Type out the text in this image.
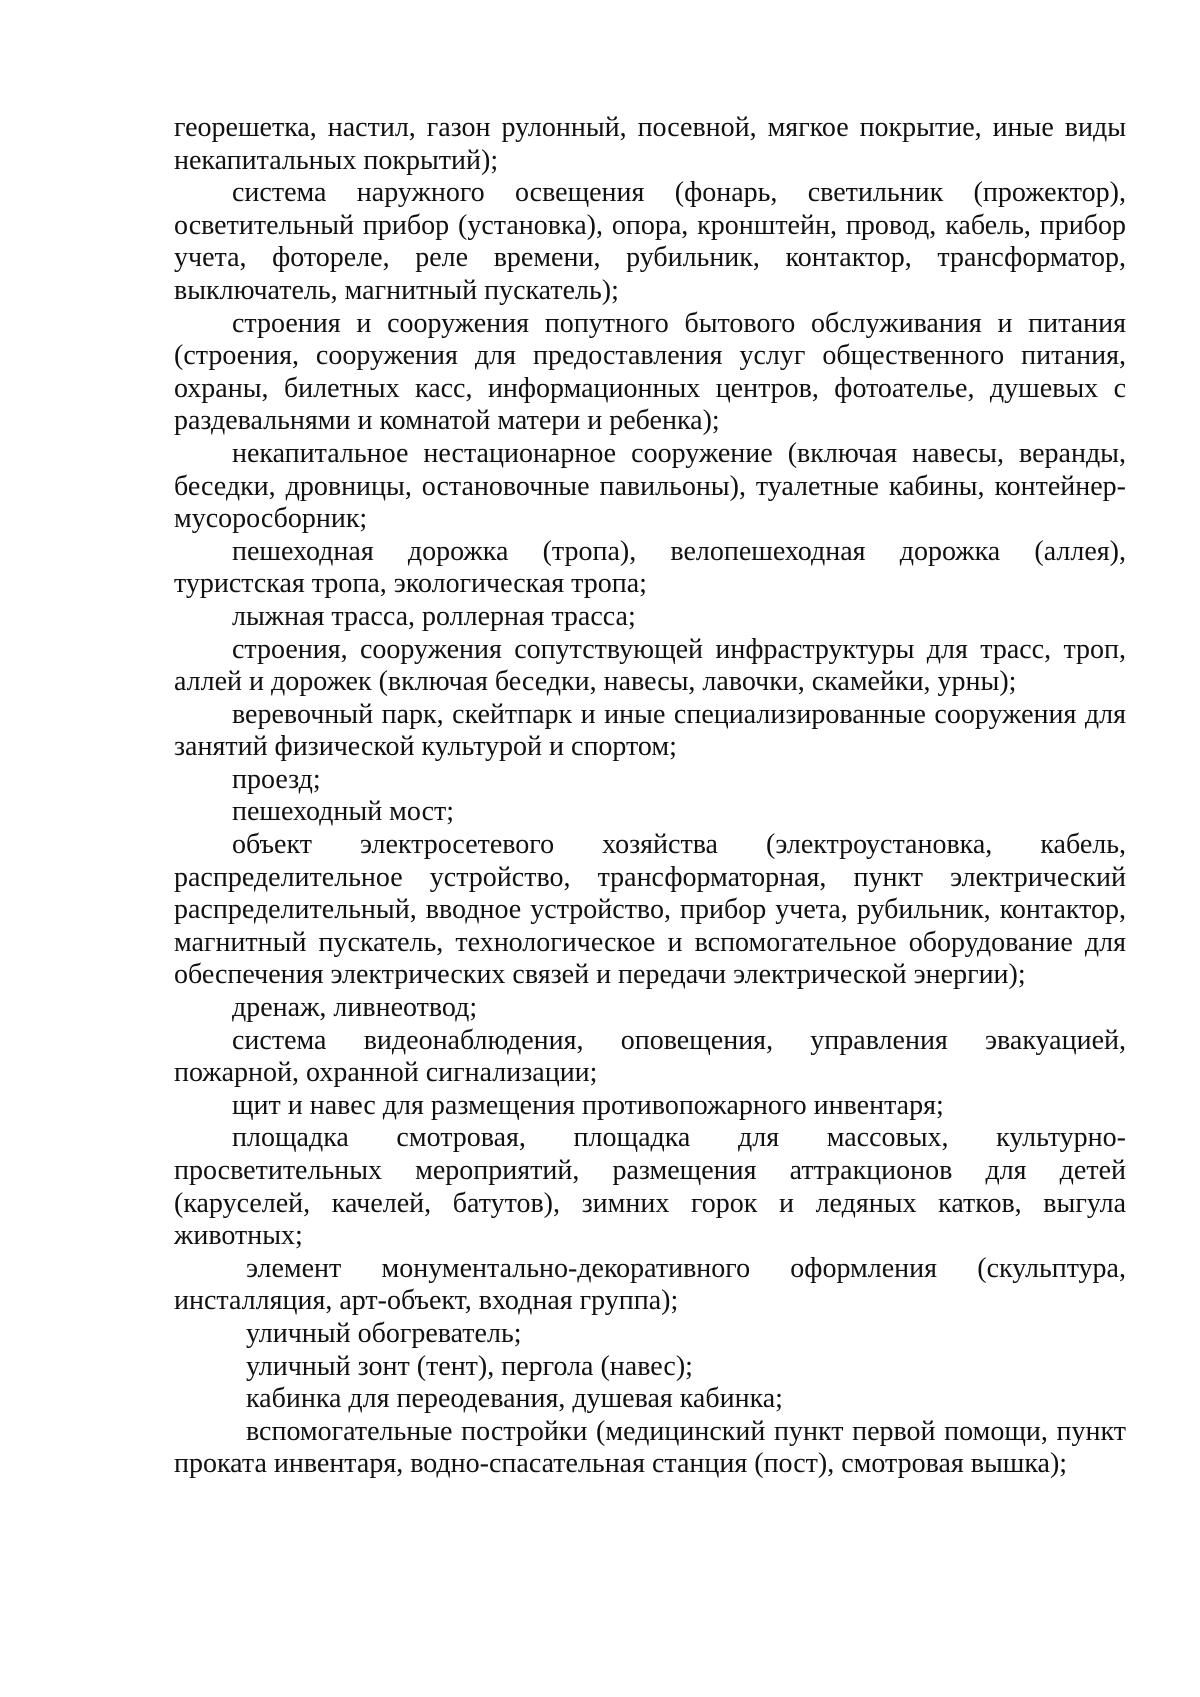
георешетка, настил, газон рулонный, посевной, мягкое покрытие, иные виды некапитальных покрытий);

система наружного освещения (фонарь, светильник (прожектор), осветительный прибор (установка), опора, кронштейн, провод, кабель, прибор учета, фотореле, реле времени, рубильник, контактор, трансформатор, выключатель, магнитный пускатель);

строения и сооружения попутного бытового обслуживания и питания (строения, сооружения для предоставления услуг общественного питания, охраны, билетных касс, информационных центров, фотоателье, душевых с раздевальнями и комнатой матери и ребенка);

некапитальное нестационарное сооружение (включая навесы, веранды, беседки, дровницы, остановочные павильоны), туалетные кабины, контейнер- мусоросборник;

пешеходная дорожка (тропа), велопешеходная дорожка (аллея), туристская тропа, экологическая тропа;

лыжная трасса, роллерная трасса;

строения, сооружения сопутствующей инфраструктуры для трасс, троп, аллей и дорожек (включая беседки, навесы, лавочки, скамейки, урны);

веревочный парк, скейтпарк и иные специализированные сооружения для занятий физической культурой и спортом;

проезд;

пешеходный мост;

объект электросетевого хозяйства (электроустановка, кабель, распределительное устройство, трансформаторная, пункт электрический распределительный, вводное устройство, прибор учета, рубильник, контактор, магнитный пускатель, технологическое и вспомогательное оборудование для обеспечения электрических связей и передачи электрической энергии);

дренаж, ливнеотвод;

система видеонаблюдения, оповещения, управления эвакуацией, пожарной, охранной сигнализации;

щит и навес для размещения противопожарного инвентаря;

площадка смотровая, площадка для массовых, культурно-просветительных мероприятий, размещения аттракционов для детей (каруселей, качелей, батутов), зимних горок и ледяных катков, выгула животных;

элемент монументально-декоративного оформления (скульптура, инсталляция, арт-объект, входная группа);

уличный обогреватель;

уличный зонт (тент), пергола (навес);

кабинка для переодевания, душевая кабинка;

вспомогательные постройки (медицинский пункт первой помощи, пункт проката инвентаря, водно-спасательная станция (пост), смотровая вышка);
